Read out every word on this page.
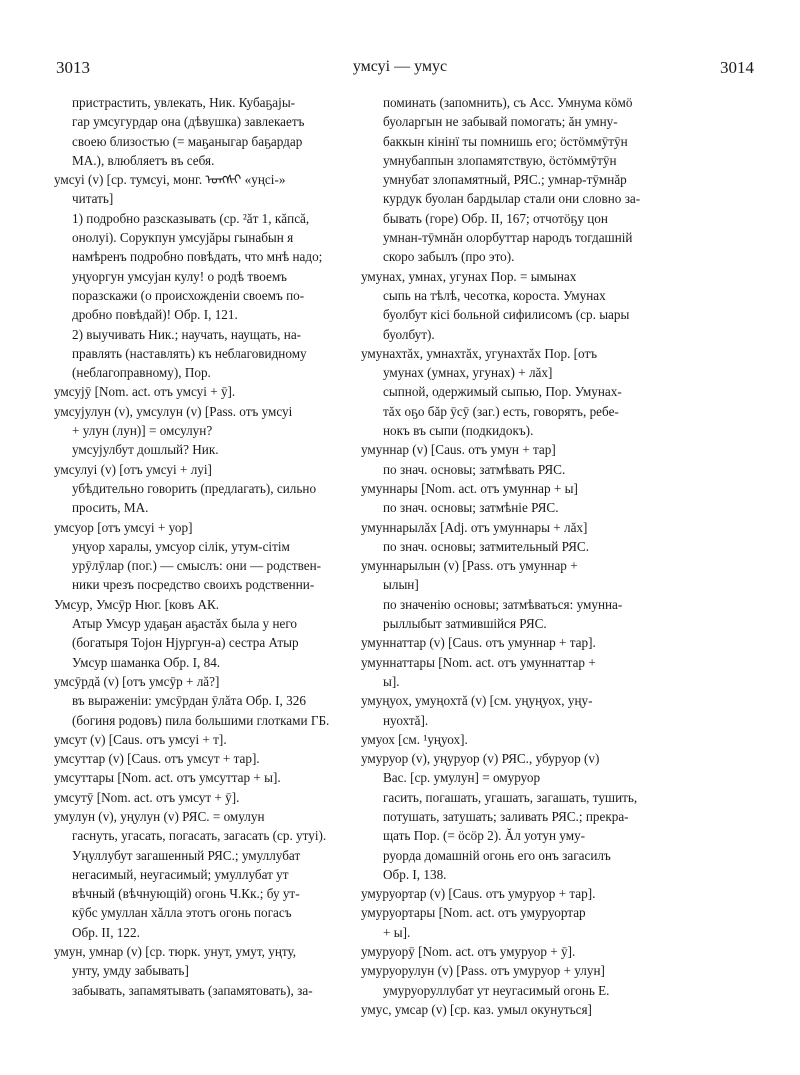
3013	умсуі — умус	3014
пристрастить, увлекать, Ник. Кубаҕајы-
гар умсугурдар она (дѣвушка) завлекаетъ
своею близостью (= маҕаныгар баҕардар
МА.), влюбляетъ въ себя.
умсуі (v) [ср. тумсуі, монг. ᠤᠩᠰᠢ «уңсі-»
читать]
1) подробно разсказывать (ср. ²ăт 1, кăпсă,
онолуі). Сорукпун умсуjăры гынабын я
намѣренъ подробно повѣдать, что мнѣ надо;
уңуоргун умсуjан кулу! о родѣ твоемъ
поразскажи (о происхожденіи своемъ по-
дробно повѣдай)! Обр. I, 121.
2) выучивать Ник.; научать, наущать, на-
правлять (наставлять) къ неблаговидному
(неблагоправному), Пор.
умсуjӯ [Nom. act. отъ умсуі + ӯ].
умсуjулун (v), умсулун (v) [Pass. отъ умсуі
+ улун (лун)] = омсулун?
умсуjулбут дошлый? Ник.
умсулуі (v) [отъ умсуі + луі]
убѣдительно говорить (предлагать), сильно
просить, МА.
умсуор [отъ умсуі + уор]
уңуор харалы, умсуор сілік, утум-сітім
урӯлӯлар (пог.) — смыслъ: они — родствен-
ники чрезъ посредство своихъ родственни-
Умсур, Умсӯр Нюг. [ковъ АК.
Атыр Умсур удаҕан аҕастăх была у него
(богатыря Тојон Нјургун-а) сестра Атыр
Умсур шаманка Обр. I, 84.
умсӯрдă (v) [отъ умсӯр + лă?]
въ выраженіи: умсӯрдан ӯлăта Обр. I, 326
(богиня родовъ) пила большими глотками ГБ.
умсут (v) [Caus. отъ умсуі + т].
умсуттар (v) [Caus. отъ умсут + тар].
умсуттары [Nom. act. отъ умсуттар + ы].
умсутӯ [Nom. act. отъ умсут + ӯ].
умулун (v), уңулун (v) РЯС. = омулун
гаснуть, угасать, погасать, загасать (ср. утуі).
Уңуллубут загашенный РЯС.; умуллубат
негасимый, неугасимый; умуллубат ут
вѣчный (вѣчнующій) огонь Ч.Кк.; бу ут-
кӯбс умуллан хăлла этотъ огонь погасъ
Обр. II, 122.
умун, умнар (v) [ср. тюрк. унут, умут, уңту,
унту, умду забывать]
забывать, запамятывать (запамятовать), за-
поминать (запомнить), съ Acc. Умнума кӧмӧ
буоларгын не забывай помогать; ăн умну-
баккын кінінї ты помнишь его; ӧстӧммӯтӯн
умнубаппын злопамятствую, ӧстӧммӯтӯн
умнубат злопамятный, РЯС.; умнар-тӯмнăр
курдук буолан бардылар стали они словно за-
бывать (горе) Обр. II, 167; отчотӧҕу цон
умнан-тӯмнăн олорбуттар народъ тогдашній
скоро забылъ (про это).
умунах, умнах, угунах Пор. = ымынах
сыпь на тѣлѣ, чесотка, короста. Умунах
буолбут кісі больной сифилисомъ (ср. ыары
буолбут).
умунахтăх, умнахтăх, угунахтăх Пор. [отъ
умунах (умнах, угунах) + лăх]
сыпной, одержимый сыпью, Пор. Умунах-
тăх оҕо бăр ӯсӯ (заг.) есть, говорятъ, ребе-
нокъ въ сыпи (подкидокъ).
умуннар (v) [Caus. отъ умун + тар]
по знач. основы; затмѣвать РЯС.
умуннары [Nom. act. отъ умуннар + ы]
по знач. основы; затмѣніе РЯС.
умуннарылăх [Adj. отъ умуннары + лăх]
по знач. основы; затмительный РЯС.
умуннарылын (v) [Pass. отъ умуннар +
ылын]
по значенію основы; затмѣваться: умунна-
рыллыбыт затмившійся РЯС.
умуннаттар (v) [Caus. отъ умуннар + тар].
умуннаттары [Nom. act. отъ умуннаттар +
ы].
умуңуох, умуңохтă (v) [см. уңуңуох, уңу-
нуохтă].
умуох [см. ¹уңуох].
умуруор (v), уңуруор (v) РЯС., убуруор (v)
Вас. [ср. умулун] = омуруор
гасить, погашать, угашать, загашать, тушить,
потушать, затушать; заливать РЯС.; прекра-
щать Пор. (= ӧсӧр 2). Ăл уотун уму-
руорда домашній огонь его онъ загасилъ
Обр. I, 138.
умуруортар (v) [Caus. отъ умуруор + тар].
умуруортары [Nom. act. отъ умуруортар
+ ы].
умуруорӯ [Nom. act. отъ умуруор + ӯ].
умуруорулун (v) [Pass. отъ умуруор + улун]
умуруоруллубат ут неугасимый огонь Е.
умус, умсар (v) [ср. каз. умыл окунуться]
